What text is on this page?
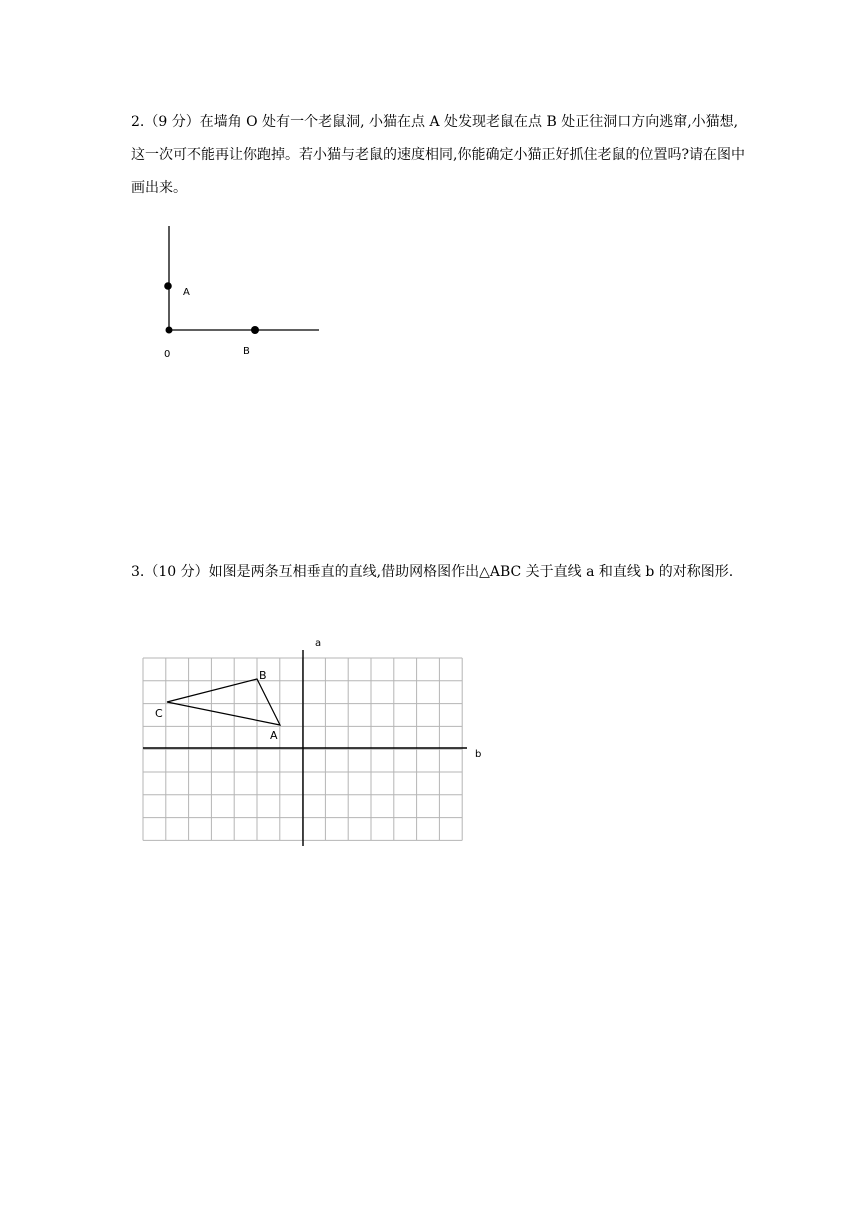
2.（9 分）在墙角 O 处有一个老鼠洞, 小猫在点 A 处发现老鼠在点 B 处正往洞口方向逃窜,小猫想,这一次可不能再让你跑掉。若小猫与老鼠的速度相同,你能确定小猫正好抓住老鼠的位置吗?请在图中画出来。

A
0	B

3.（10 分）如图是两条互相垂直的直线,借助网格图作出△ABC 关于直线 a 和直线 b 的对称图形.

a
b
B
C
A
